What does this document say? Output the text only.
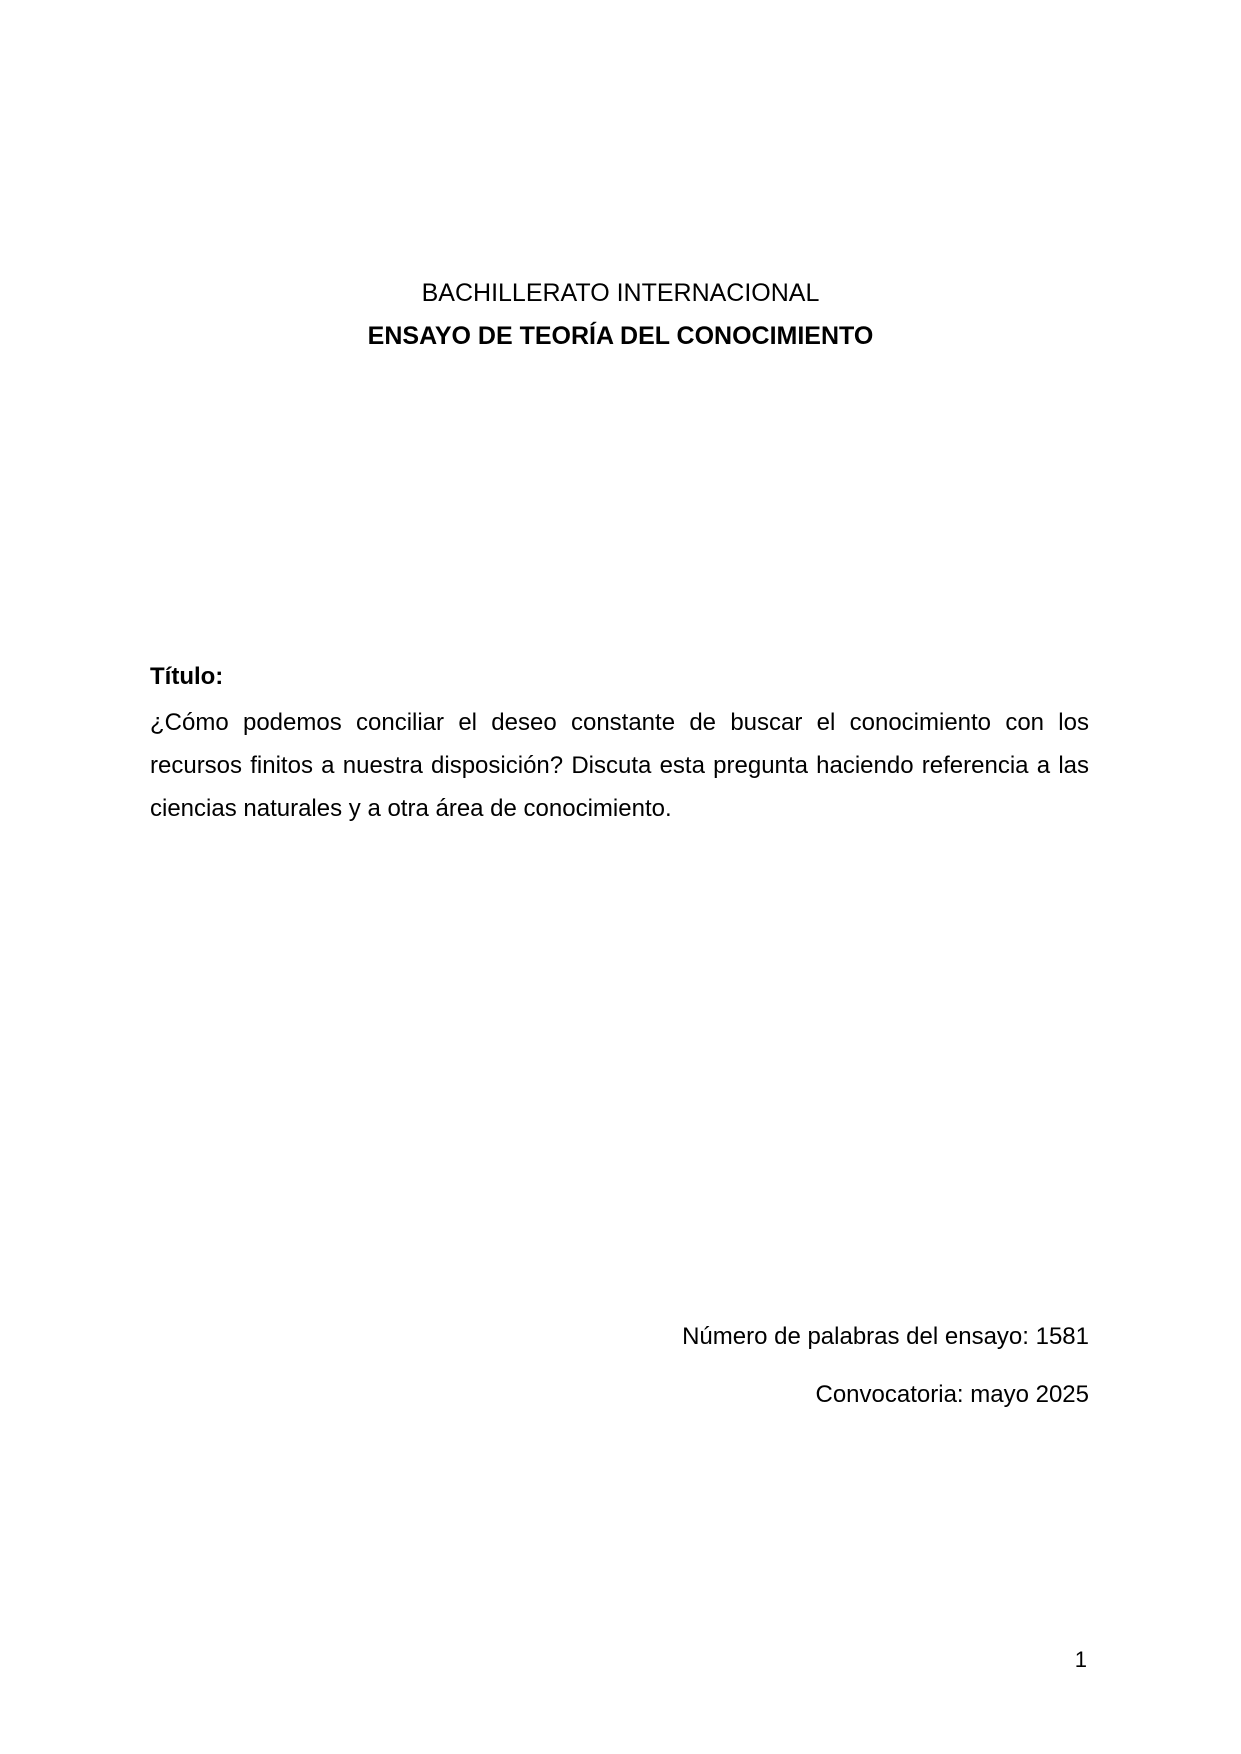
BACHILLERATO INTERNACIONAL
ENSAYO DE TEORÍA DEL CONOCIMIENTO
Título:

¿Cómo podemos conciliar el deseo constante de buscar el conocimiento con los recursos finitos a nuestra disposición? Discuta esta pregunta haciendo referencia a las ciencias naturales y a otra área de conocimiento.

Número de palabras del ensayo: 1581
Convocatoria: mayo 2025
1
